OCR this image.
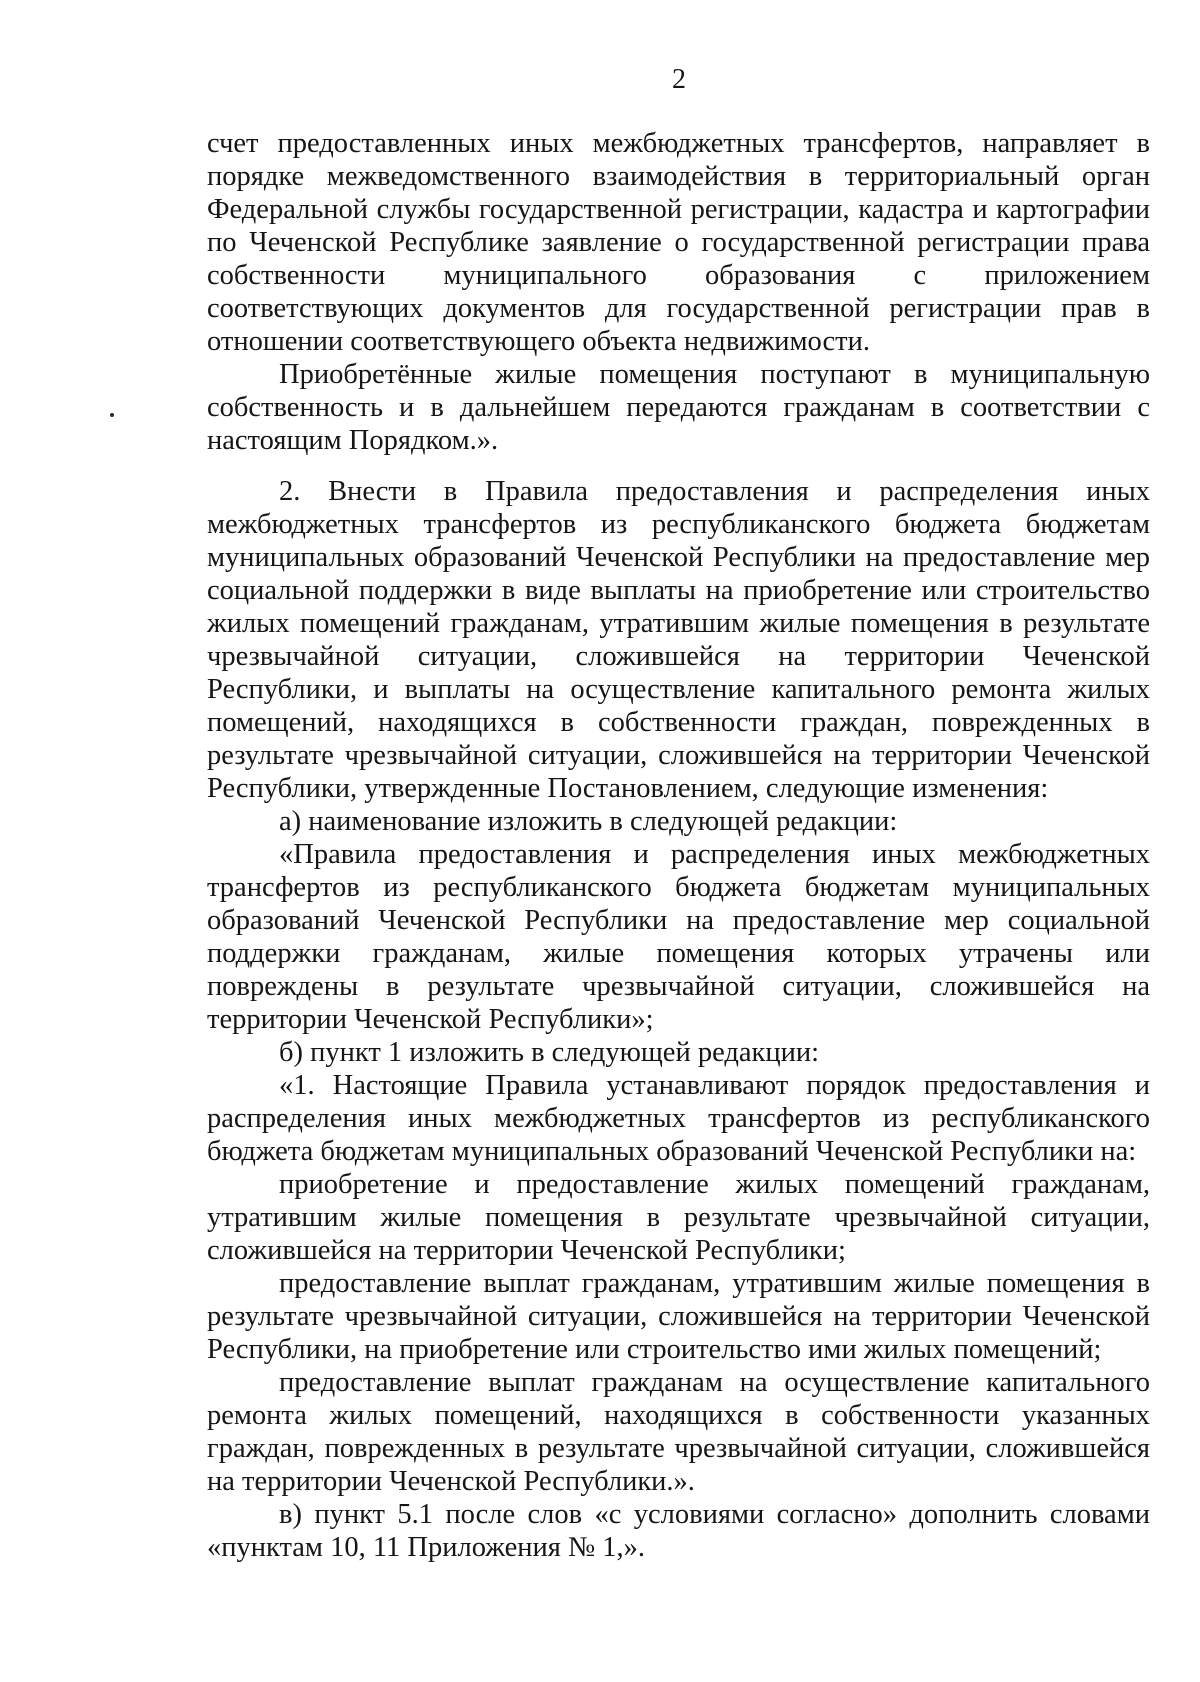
2

счет предоставленных иных межбюджетных трансфертов, направляет в порядке межведомственного взаимодействия в территориальный орган Федеральной службы государственной регистрации, кадастра и картографии по Чеченской Республике заявление о государственной регистрации права собственности муниципального образования с приложением соответствующих документов для государственной регистрации прав в отношении соответствующего объекта недвижимости.

Приобретённые жилые помещения поступают в муниципальную собственность и в дальнейшем передаются гражданам в соответствии с настоящим Порядком.».

2. Внести в Правила предоставления и распределения иных межбюджетных трансфертов из республиканского бюджета бюджетам муниципальных образований Чеченской Республики на предоставление мер социальной поддержки в виде выплаты на приобретение или строительство жилых помещений гражданам, утратившим жилые помещения в результате чрезвычайной ситуации, сложившейся на территории Чеченской Республики, и выплаты на осуществление капитального ремонта жилых помещений, находящихся в собственности граждан, поврежденных в результате чрезвычайной ситуации, сложившейся на территории Чеченской Республики, утвержденные Постановлением, следующие изменения:

а) наименование изложить в следующей редакции:

«Правила предоставления и распределения иных межбюджетных трансфертов из республиканского бюджета бюджетам муниципальных образований Чеченской Республики на предоставление мер социальной поддержки гражданам, жилые помещения которых утрачены или повреждены в результате чрезвычайной ситуации, сложившейся на территории Чеченской Республики»;

б) пункт 1 изложить в следующей редакции:

«1. Настоящие Правила устанавливают порядок предоставления и распределения иных межбюджетных трансфертов из республиканского бюджета бюджетам муниципальных образований Чеченской Республики на:

приобретение и предоставление жилых помещений гражданам, утратившим жилые помещения в результате чрезвычайной ситуации, сложившейся на территории Чеченской Республики;

предоставление выплат гражданам, утратившим жилые помещения в результате чрезвычайной ситуации, сложившейся на территории Чеченской Республики, на приобретение или строительство ими жилых помещений;

предоставление выплат гражданам на осуществление капитального ремонта жилых помещений, находящихся в собственности указанных граждан, поврежденных в результате чрезвычайной ситуации, сложившейся на территории Чеченской Республики.».

в) пункт 5.1 после слов «с условиями согласно» дополнить словами «пунктам 10, 11 Приложения № 1,».
